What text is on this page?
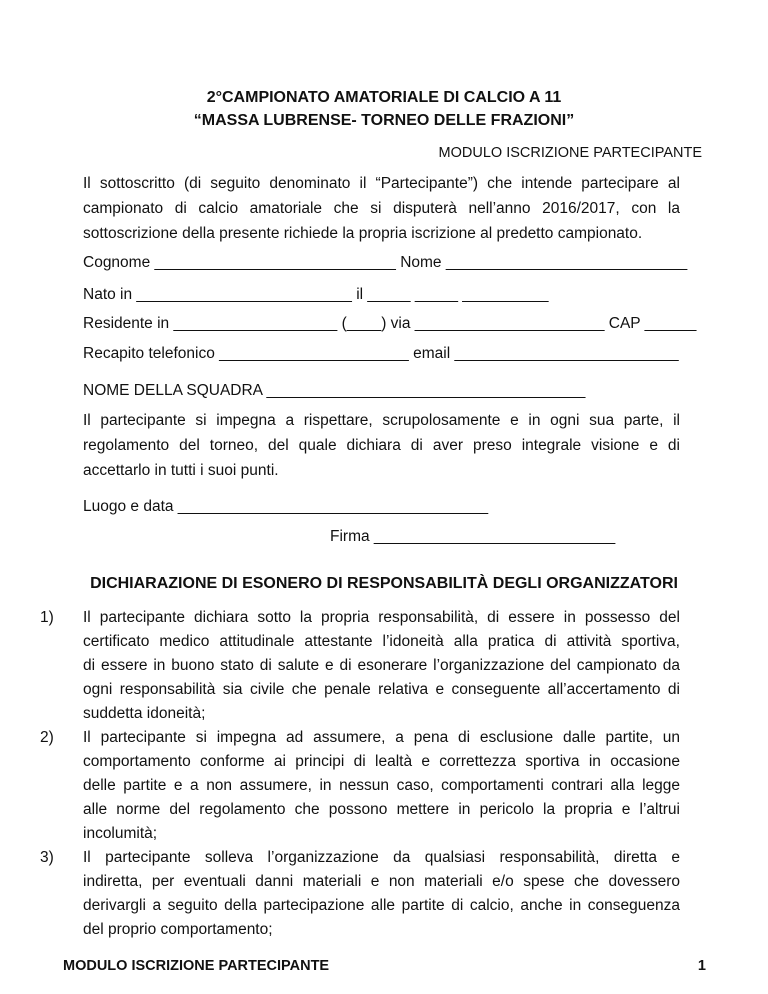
2°CAMPIONATO AMATORIALE DI CALCIO A 11
“MASSA LUBRENSE- TORNEO DELLE FRAZIONI”
MODULO ISCRIZIONE PARTECIPANTE
Il sottoscritto (di seguito denominato il “Partecipante”) che intende partecipare al
campionato di calcio amatoriale che si disputerà nell’anno 2016/2017, con la
sottoscrizione della presente richiede la propria iscrizione al predetto campionato.
Cognome ____________________________ Nome ____________________________
Nato in _________________________ il _____ _____ __________
Residente in ___________________ (____) via ______________________ CAP ______
Recapito telefonico ______________________ email __________________________
NOME DELLA SQUADRA _____________________________________
Il partecipante si impegna a rispettare, scrupolosamente e in ogni sua parte, il
regolamento del torneo, del quale dichiara di aver preso integrale visione e di
accettarlo in tutti i suoi punti.
Luogo e data ____________________________________
Firma ____________________________
DICHIARAZIONE DI ESONERO DI RESPONSABILITÀ DEGLI ORGANIZZATORI
1)	Il partecipante dichiara sotto la propria responsabilità, di essere in possesso del
certificato medico attitudinale attestante l’idoneità alla pratica di attività sportiva,
di essere in buono stato di salute e di esonerare l’organizzazione del campionato da
ogni responsabilità sia civile che penale relativa e conseguente all’accertamento di
suddetta idoneità;
2)	Il partecipante si impegna ad assumere, a pena di esclusione dalle partite, un
comportamento conforme ai principi di lealtà e correttezza sportiva in occasione
delle partite e a non assumere, in nessun caso, comportamenti contrari alla legge
alle norme del regolamento che possono mettere in pericolo la propria e l’altrui
incolumità;
3)	Il partecipante solleva l’organizzazione da qualsiasi responsabilità, diretta e
indiretta, per eventuali danni materiali e non materiali e/o spese che dovessero
derivargli a seguito della partecipazione alle partite di calcio, anche in conseguenza
del proprio comportamento;
MODULO ISCRIZIONE PARTECIPANTE	1
